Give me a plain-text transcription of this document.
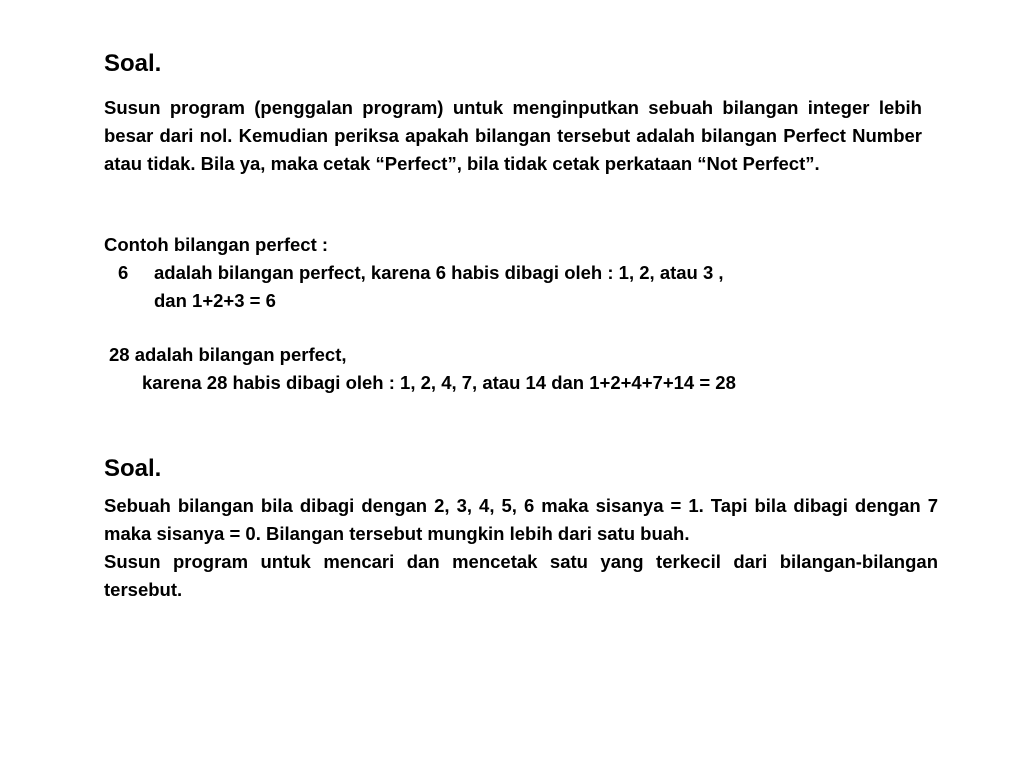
Soal.

Susun program (penggalan program) untuk menginputkan sebuah bilangan integer lebih besar dari nol. Kemudian periksa apakah bilangan tersebut adalah bilangan Perfect Number atau tidak. Bila ya, maka cetak “Perfect”, bila tidak cetak perkataan “Not Perfect”.

Contoh bilangan perfect :

6 adalah bilangan perfect, karena 6 habis dibagi oleh : 1, 2, atau 3 ,
dan 1+2+3 = 6
28 adalah bilangan perfect,
karena 28 habis dibagi oleh : 1, 2, 4, 7, atau 14 dan 1+2+4+7+14 = 28
Soal.

Sebuah bilangan bila dibagi dengan 2, 3, 4, 5, 6 maka sisanya = 1. Tapi bila dibagi dengan 7 maka sisanya = 0. Bilangan tersebut mungkin lebih dari satu buah.

Susun program untuk mencari dan mencetak satu yang terkecil dari bilangan-bilangan tersebut.
